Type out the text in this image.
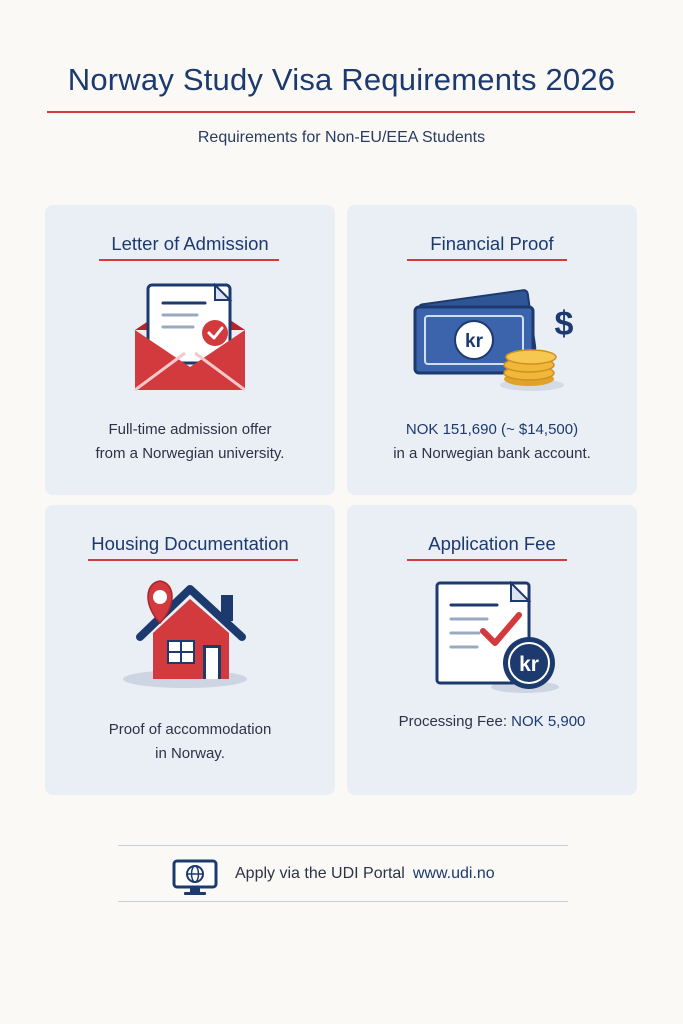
Norway Study Visa Requirements 2026
Requirements for Non-EU/EEA Students
Letter of Admission
Full-time admission offer
from a Norwegian university.
Financial Proof
kr $
NOK 151,690 (~ $14,500)
in a Norwegian bank account.
Housing Documentation
Proof of accommodation
in Norway.
Application Fee
kr
Processing Fee: NOK 5,900
Apply via the UDI Portal www.udi.no
